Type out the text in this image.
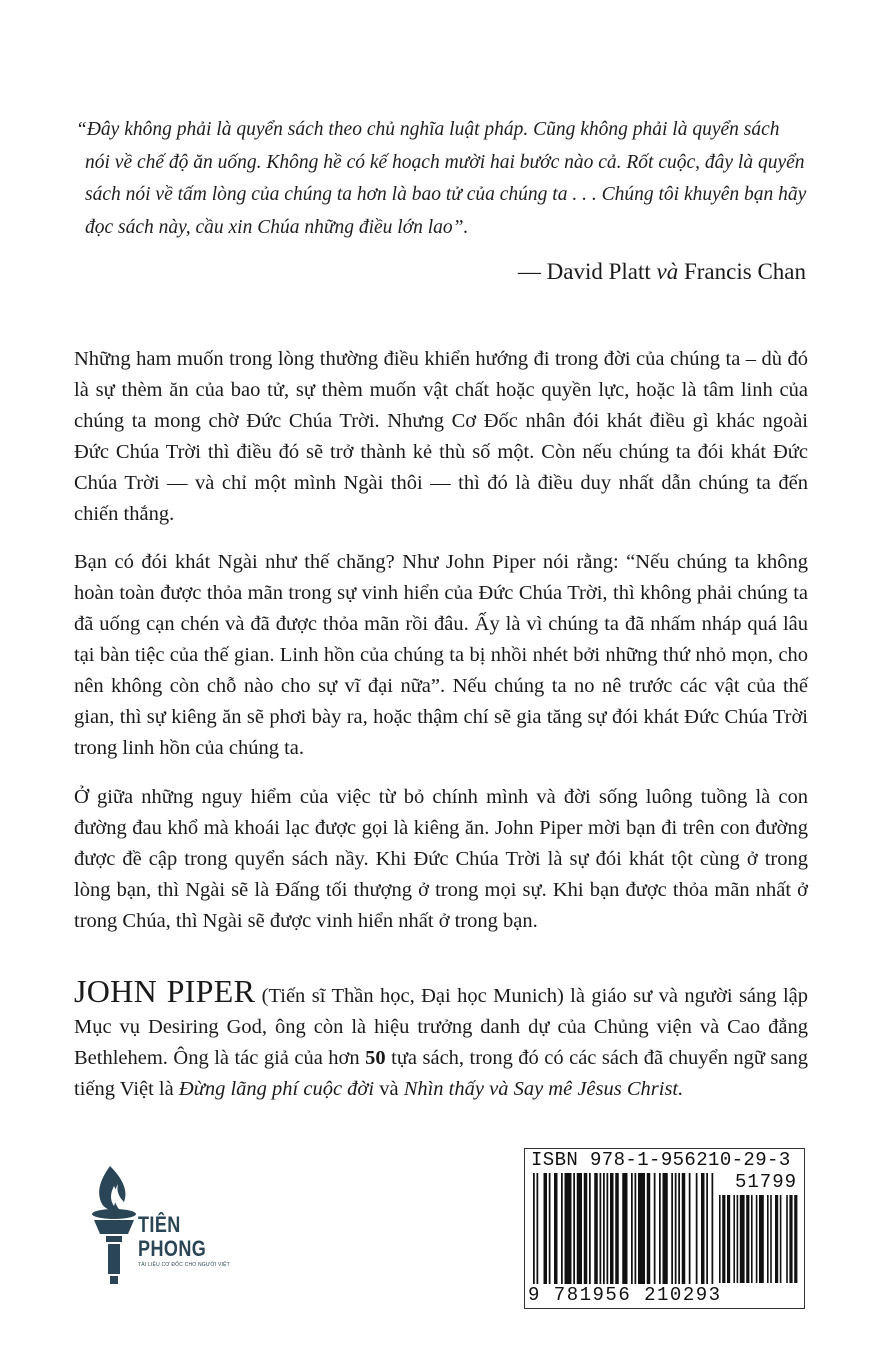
“Đây không phải là quyển sách theo chủ nghĩa luật pháp. Cũng không phải là quyển sách nói về chế độ ăn uống. Không hề có kế hoạch mười hai bước nào cả. Rốt cuộc, đây là quyển sách nói về tấm lòng của chúng ta hơn là bao tử của chúng ta . . . Chúng tôi khuyên bạn hãy đọc sách này, cầu xin Chúa những điều lớn lao”.

— David Platt và Francis Chan

Những ham muốn trong lòng thường điều khiển hướng đi trong đời của chúng ta – dù đó là sự thèm ăn của bao tử, sự thèm muốn vật chất hoặc quyền lực, hoặc là tâm linh của chúng ta mong chờ Đức Chúa Trời. Nhưng Cơ Đốc nhân đói khát điều gì khác ngoài Đức Chúa Trời thì điều đó sẽ trở thành kẻ thù số một. Còn nếu chúng ta đói khát Đức Chúa Trời — và chỉ một mình Ngài thôi — thì đó là điều duy nhất dẫn chúng ta đến chiến thắng.

Bạn có đói khát Ngài như thế chăng? Như John Piper nói rằng: “Nếu chúng ta không hoàn toàn được thỏa mãn trong sự vinh hiển của Đức Chúa Trời, thì không phải chúng ta đã uống cạn chén và đã được thỏa mãn rồi đâu. Ấy là vì chúng ta đã nhấm nháp quá lâu tại bàn tiệc của thế gian. Linh hồn của chúng ta bị nhồi nhét bởi những thứ nhỏ mọn, cho nên không còn chỗ nào cho sự vĩ đại nữa”. Nếu chúng ta no nê trước các vật của thế gian, thì sự kiêng ăn sẽ phơi bày ra, hoặc thậm chí sẽ gia tăng sự đói khát Đức Chúa Trời trong linh hồn của chúng ta.

Ở giữa những nguy hiểm của việc từ bỏ chính mình và đời sống luông tuồng là con đường đau khổ mà khoái lạc được gọi là kiêng ăn. John Piper mời bạn đi trên con đường được đề cập trong quyển sách nầy. Khi Đức Chúa Trời là sự đói khát tột cùng ở trong lòng bạn, thì Ngài sẽ là Đấng tối thượng ở trong mọi sự. Khi bạn được thỏa mãn nhất ở trong Chúa, thì Ngài sẽ được vinh hiển nhất ở trong bạn.

JOHN PIPER (Tiến sĩ Thần học, Đại học Munich) là giáo sư và người sáng lập Mục vụ Desiring God, ông còn là hiệu trưởng danh dự của Chủng viện và Cao đẳng Bethlehem. Ông là tác giả của hơn 50 tựa sách, trong đó có các sách đã chuyển ngữ sang tiếng Việt là Đừng lãng phí cuộc đời và Nhìn thấy và Say mê Jêsus Christ.

TIÊN
PHONG
TÀI LIỆU CƠ ĐỐC CHO NGƯỜI VIỆT
ISBN 978-1-956210-29-3
51799
9 781956 210293
